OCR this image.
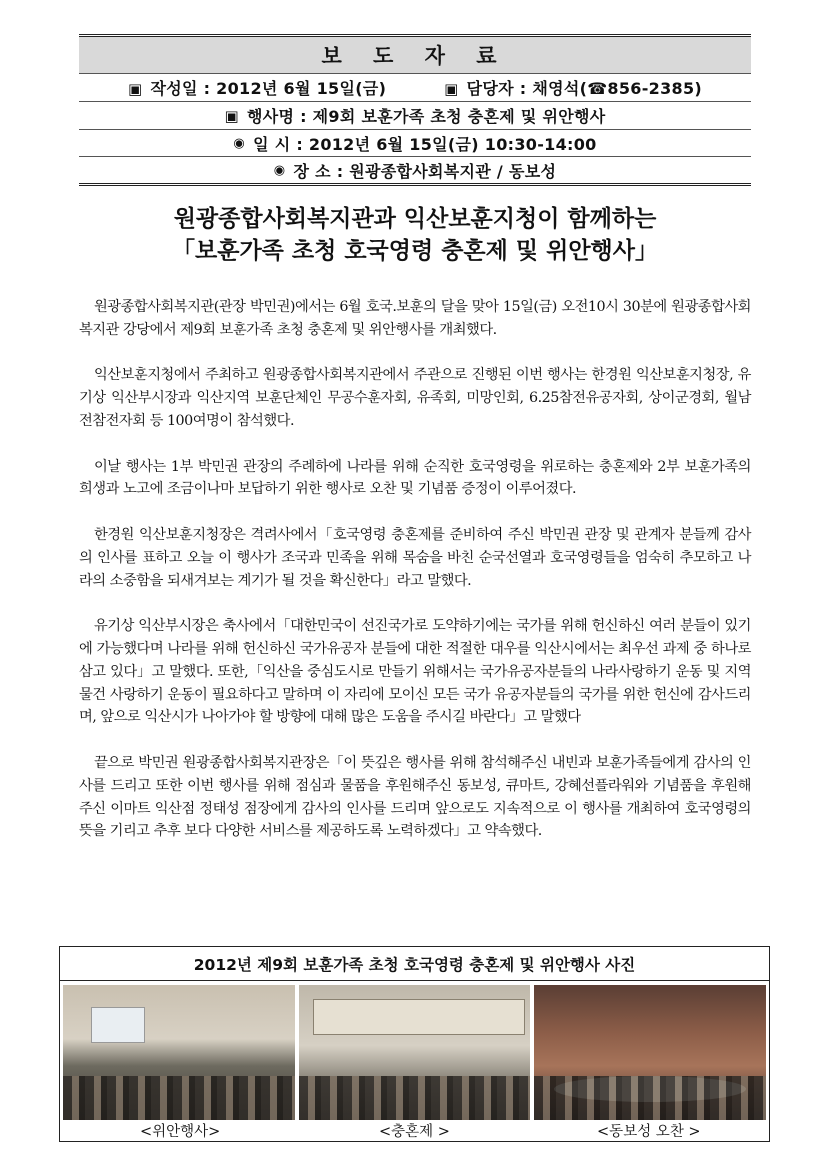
보 도 자 료
▣ 작성일 : 2012년 6월 15일(금)	▣ 담당자 : 채영석(☎856-2385)
▣ 행사명 : 제9회 보훈가족 초청 충혼제 및 위안행사
◉ 일 시 : 2012년 6월 15일(금) 10:30-14:00
◉ 장 소 : 원광종합사회복지관 / 동보성
원광종합사회복지관과 익산보훈지청이 함께하는
「보훈가족 초청 호국영령 충혼제 및 위안행사」

원광종합사회복지관(관장 박민권)에서는 6월 호국.보훈의 달을 맞아 15일(금) 오전10시 30분에 원광종합사회복지관 강당에서 제9회 보훈가족 초청 충혼제 및 위안행사를 개최했다.

익산보훈지청에서 주최하고 원광종합사회복지관에서 주관으로 진행된 이번 행사는 한경원 익산보훈지청장, 유기상 익산부시장과 익산지역 보훈단체인 무공수훈자회, 유족회, 미망인회, 6.25참전유공자회, 상이군경회, 월남전참전자회 등 100여명이 참석했다.

이날 행사는 1부 박민권 관장의 주례하에 나라를 위해 순직한 호국영령을 위로하는 충혼제와 2부 보훈가족의 희생과 노고에 조금이나마 보답하기 위한 행사로 오찬 및 기념품 증정이 이루어졌다.

한경원 익산보훈지청장은 격려사에서「호국영령 충혼제를 준비하여 주신 박민권 관장 및 관계자 분들께 감사의 인사를 표하고 오늘 이 행사가 조국과 민족을 위해 목숨을 바친 순국선열과 호국영령들을 엄숙히 추모하고 나라의 소중함을 되새겨보는 계기가 될 것을 확신한다」라고 말했다.

유기상 익산부시장은 축사에서「대한민국이 선진국가로 도약하기에는 국가를 위해 헌신하신 여러 분들이 있기에 가능했다며 나라를 위해 헌신하신 국가유공자 분들에 대한 적절한 대우를 익산시에서는 최우선 과제 중 하나로 삼고 있다」고 말했다. 또한,「익산을 중심도시로 만들기 위해서는 국가유공자분들의 나라사랑하기 운동 및 지역물건 사랑하기 운동이 필요하다고 말하며 이 자리에 모이신 모든 국가 유공자분들의 국가를 위한 헌신에 감사드리며, 앞으로 익산시가 나아가야 할 방향에 대해 많은 도움을 주시길 바란다」고 말했다

끝으로 박민권 원광종합사회복지관장은「이 뜻깊은 행사를 위해 참석해주신 내빈과 보훈가족들에게 감사의 인사를 드리고 또한 이번 행사를 위해 점심과 물품을 후원해주신 동보성, 큐마트, 강혜선플라워와 기념품을 후원해주신 이마트 익산점 정태성 점장에게 감사의 인사를 드리며 앞으로도 지속적으로 이 행사를 개최하여 호국영령의 뜻을 기리고 추후 보다 다양한 서비스를 제공하도록 노력하겠다」고 약속했다.

2012년 제9회 보훈가족 초청 호국영령 충혼제 및 위안행사 사진
<위안행사>	<충혼제 >	<동보성 오찬 >
